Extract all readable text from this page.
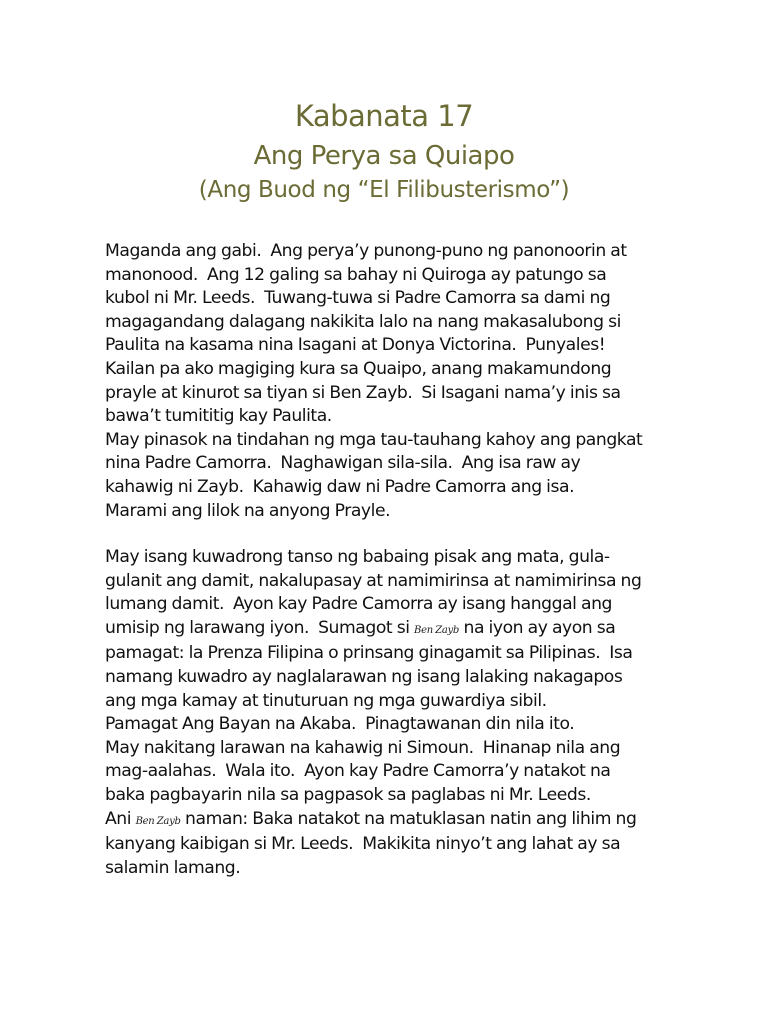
Kabanata 17
Ang Perya sa Quiapo
(Ang Buod ng “El Filibusterismo”)
Maganda ang gabi.  Ang perya’y punong-puno ng panonoorin at
manonood.  Ang 12 galing sa bahay ni Quiroga ay patungo sa
kubol ni Mr. Leeds.  Tuwang-tuwa si Padre Camorra sa dami ng
magagandang dalagang nakikita lalo na nang makasalubong si
Paulita na kasama nina Isagani at Donya Victorina.  Punyales!
Kailan pa ako magiging kura sa Quaipo, anang makamundong
prayle at kinurot sa tiyan si Ben Zayb.  Si Isagani nama’y inis sa
bawa’t tumititig kay Paulita.
May pinasok na tindahan ng mga tau-tauhang kahoy ang pangkat
nina Padre Camorra.  Naghawigan sila-sila.  Ang isa raw ay
kahawig ni Zayb.  Kahawig daw ni Padre Camorra ang isa.
Marami ang lilok na anyong Prayle.
May isang kuwadrong tanso ng babaing pisak ang mata, gula-
gulanit ang damit, nakalupasay at namimirinsa at namimirinsa ng
lumang damit.  Ayon kay Padre Camorra ay isang hanggal ang
umisip ng larawang iyon.  Sumagot si Ben Zayb na iyon ay ayon sa
pamagat: la Prenza Filipina o prinsang ginagamit sa Pilipinas.  Isa
namang kuwadro ay naglalarawan ng isang lalaking nakagapos
ang mga kamay at tinuturuan ng mga guwardiya sibil.
Pamagat Ang Bayan na Akaba.  Pinagtawanan din nila ito.
May nakitang larawan na kahawig ni Simoun.  Hinanap nila ang
mag-aalahas.  Wala ito.  Ayon kay Padre Camorra’y natakot na
baka pagbayarin nila sa pagpasok sa paglabas ni Mr. Leeds.
Ani Ben Zayb naman: Baka natakot na matuklasan natin ang lihim ng
kanyang kaibigan si Mr. Leeds.  Makikita ninyo’t ang lahat ay sa
salamin lamang.
